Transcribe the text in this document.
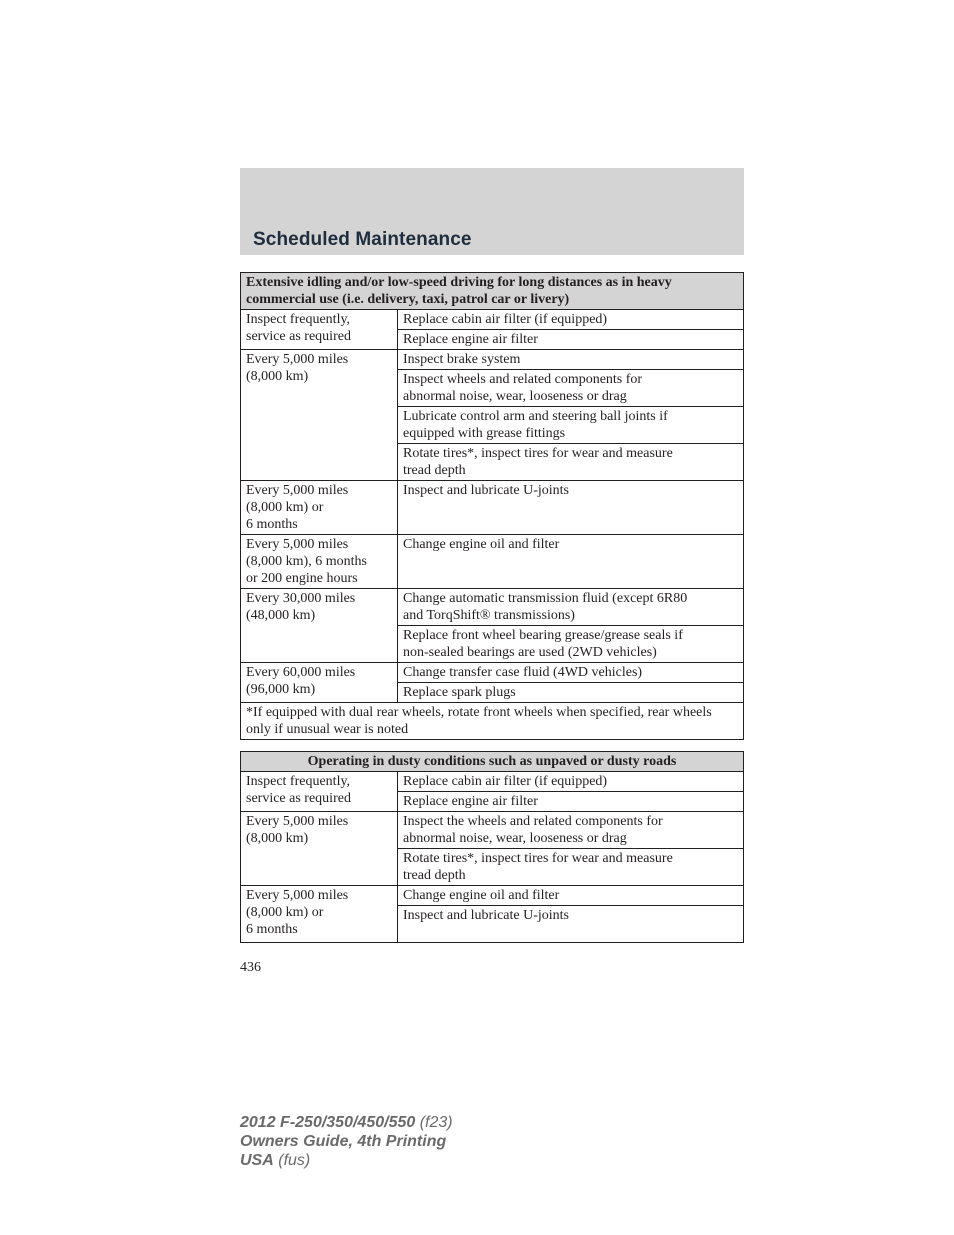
Scheduled Maintenance
Extensive idling and/or low-speed driving for long distances as in heavy commercial use (i.e. delivery, taxi, patrol car or livery)	
Inspect frequently,
service as required	Replace cabin air filter (if equipped)
	Replace engine air filter
Every 5,000 miles
(8,000 km)	Inspect brake system
	Inspect wheels and related components for
abnormal noise, wear, looseness or drag
	Lubricate control arm and steering ball joints if
equipped with grease fittings
	Rotate tires*, inspect tires for wear and measure
tread depth
Every 5,000 miles
(8,000 km) or
6 months	Inspect and lubricate U-joints
Every 5,000 miles
(8,000 km), 6 months
or 200 engine hours	Change engine oil and filter
Every 30,000 miles
(48,000 km)	Change automatic transmission fluid (except 6R80
and TorqShift® transmissions)
	Replace front wheel bearing grease/grease seals if
non-sealed bearings are used (2WD vehicles)
Every 60,000 miles
(96,000 km)	Change transfer case fluid (4WD vehicles)
	Replace spark plugs
*If equipped with dual rear wheels, rotate front wheels when specified, rear wheels only if unusual wear is noted	
Operating in dusty conditions such as unpaved or dusty roads	
Inspect frequently,
service as required	Replace cabin air filter (if equipped)
	Replace engine air filter
Every 5,000 miles
(8,000 km)	Inspect the wheels and related components for
abnormal noise, wear, looseness or drag
	Rotate tires*, inspect tires for wear and measure
tread depth
Every 5,000 miles
(8,000 km) or
6 months	Change engine oil and filter
	Inspect and lubricate U-joints
436
2012 F-250/350/450/550 (f23)
Owners Guide, 4th Printing
USA (fus)
